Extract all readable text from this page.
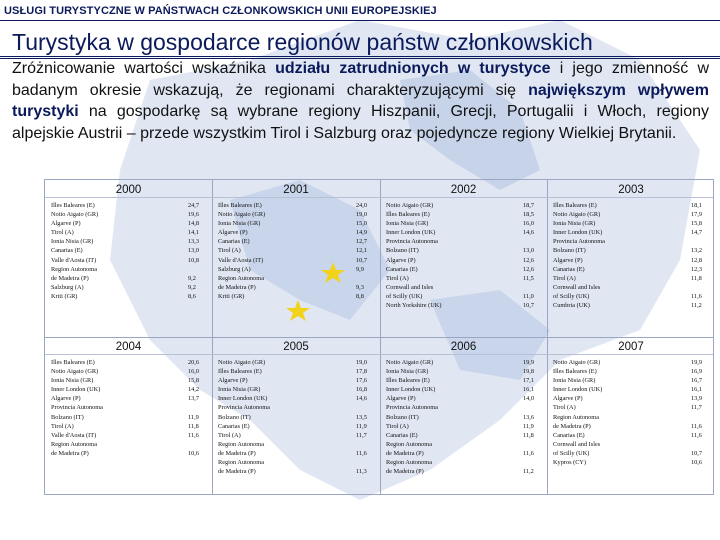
USŁUGI TURYSTYCZNE W PAŃSTWACH CZŁONKOWSKICH UNII EUROPEJSKIEJ
Turystyka w gospodarce regionów państw członkowskich
Zróżnicowanie wartości wskaźnika udziału zatrudnionych w turystyce i jego zmienność w badanym okresie wskazują, że regionami charakteryzującymi się największym wpływem turystyki na gospodarkę są wybrane regiony Hiszpanii, Grecji, Portugalii i Włoch, regiony alpejskie Austrii – przede wszystkim Tirol i Salzburg oraz pojedyncze regiony Wielkiej Brytanii.
2000
Illes Baleares (E)	24,7
Notio Aigaio (GR)	19,6
Algarve (P)	14,8
Tirol (A)	14,1
Ionia Nisia (GR)	13,3
Canarias (E)	13,0
Valle d'Aosta (IT)	10,8
Region Autonoma
de Madeira (P)	9,2
Salzburg (A)	9,2
Kriti (GR)	8,6
2001
Illes Baleares (E)	24,0
Notio Aigaio (GR)	19,0
Ionia Nisia (GR)	15,0
Algarve (P)	14,9
Canarias (E)	12,7
Tirol (A)	12,1
Valle d'Aosta (IT)	10,7
Salzburg (A)	9,9
Region Autonoma
de Madeira (P)	9,3
Kriti (GR)	8,8
2002
Notio Aigaio (GR)	18,7
Illes Baleares (E)	18,5
Ionia Nisia (GR)	16,0
Inner London (UK)	14,6
Provincia Autonoma
Bolzano (IT)	13,0
Algarve (P)	12,6
Canarias (E)	12,6
Tirol (A)	11,5
Cornwall and Isles
of Scilly (UK)	11,0
North Yorkshire (UK)	10,7
2003
Illes Baleares (E)	18,1
Notio Aigaio (GR)	17,9
Ionia Nisia (GR)	15,8
Inner London (UK)	14,7
Provincia Autonoma
Bolzano (IT)	13,2
Algarve (P)	12,8
Canarias (E)	12,3
Tirol (A)	11,8
Cornwall and Isles
of Scilly (UK)	11,6
Cumbria (UK)	11,2
2004
Illes Baleares (E)	20,6
Notio Aigaio (GR)	16,0
Ionia Nisia (GR)	15,8
Inner London (UK)	14,2
Algarve (P)	13,7
Provincia Autonoma
Bolzano (IT)	11,9
Tirol (A)	11,8
Valle d'Aosta (IT)	11,6
Region Autonoma
de Madeira (P)	10,6
2005
Notio Aigaio (GR)	19,0
Illes Baleares (E)	17,8
Algarve (P)	17,6
Ionia Nisia (GR)	16,8
Inner London (UK)	14,6
Provincia Autonoma
Bolzano (IT)	13,5
Canarias (E)	11,9
Tirol (A)	11,7
Region Autonoma
de Madeira (P)	11,6
Region Autonoma
de Madeira (P)	11,3
2006
Notio Aigaio (GR)	19,9
Ionia Nisia (GR)	19,8
Illes Baleares (E)	17,1
Inner London (UK)	16,1
Algarve (P)	14,0
Provincia Autonoma
Bolzano (IT)	13,6
Tirol (A)	11,9
Canarias (E)	11,8
Region Autonoma
de Madeira (P)	11,6
Region Autonoma
de Madeira (P)	11,2
2007
Notio Aigaio (GR)	19,9
Illes Baleares (E)	16,9
Ionia Nisia (GR)	16,7
Inner London (UK)	16,1
Algarve (P)	13,9
Tirol (A)	11,7
Region Autonoma
de Madeira (P)	11,6
Canarias (E)	11,6
Cornwall and Isles
of Scilly (UK)	10,7
Kypros (CY)	10,6
